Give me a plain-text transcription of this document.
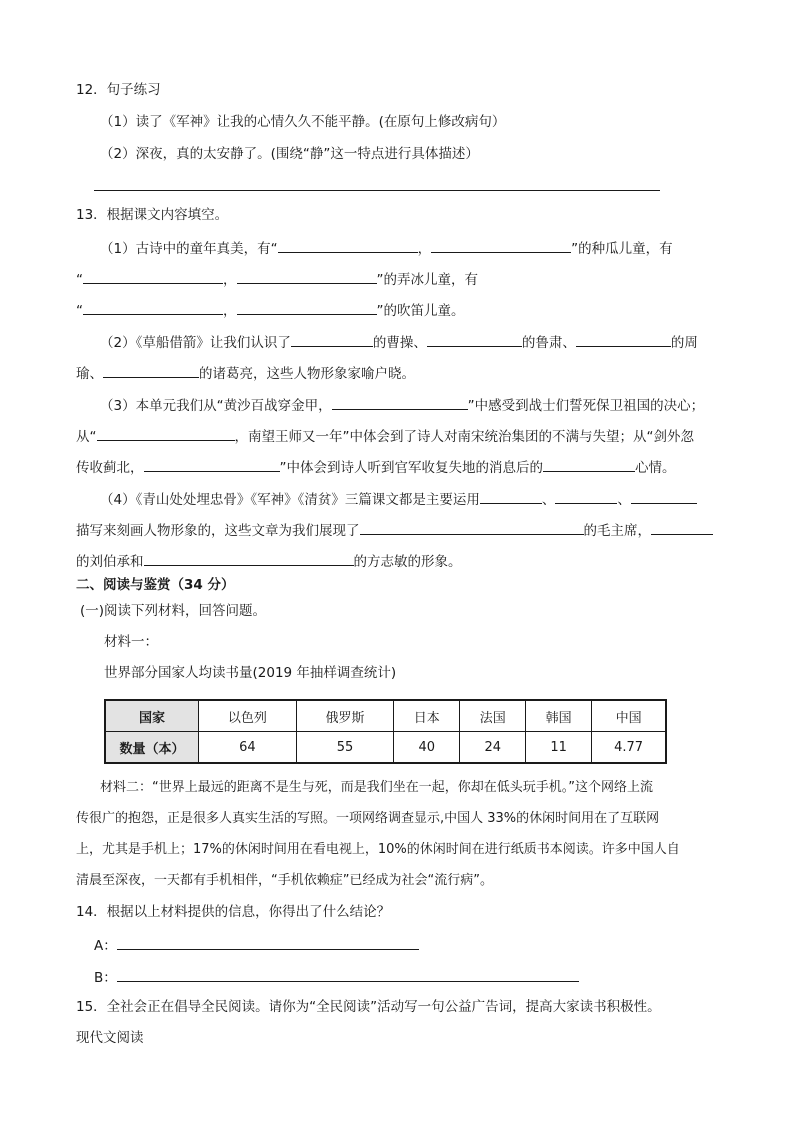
12．句子练习
（1）读了《军神》让我的心情久久不能平静。(在原句上修改病句）
（2）深夜，真的太安静了。(围绕“静”这一特点进行具体描述）
13．根据课文内容填空。
（1）古诗中的童年真美，有“	，	”的种瓜儿童，有
“	，	”的弄冰儿童，有
“	，	”的吹笛儿童。
（2）《草船借箭》让我们认识了	的曹操、	的鲁肃、	的周
瑜、	的诸葛亮，这些人物形象家喻户晓。
（3）本单元我们从“黄沙百战穿金甲，	”中感受到战士们誓死保卫祖国的决心；
从“	，南望王师又一年”中体会到了诗人对南宋统治集团的不满与失望；从“剑外忽
传收蓟北，	”中体会到诗人听到官军收复失地的消息后的	心情。
（4）《青山处处埋忠骨》《军神》《清贫》三篇课文都是主要运用	、	、
描写来刻画人物形象的，这些文章为我们展现了	的毛主席，
的刘伯承和	的方志敏的形象。
二、阅读与鉴赏（34 分）
(一)阅读下列材料，回答问题。
材料一：
世界部分国家人均读书量(2019 年抽样调查统计)
国家	以色列	俄罗斯	日本	法国	韩国	中国
数量（本）	64	55	40	24	11	4.77
材料二：“世界上最远的距离不是生与死，而是我们坐在一起，你却在低头玩手机。”这个网络上流
传很广的抱怨，正是很多人真实生活的写照。一项网络调查显示,中国人 33%的休闲时间用在了互联网
上，尤其是手机上；17%的休闲时间用在看电视上，10%的休闲时间在进行纸质书本阅读。许多中国人自
清晨至深夜，一天都有手机相伴，“手机依赖症”已经成为社会“流行病”。
14．根据以上材料提供的信息，你得出了什么结论？
A：
B：
15．全社会正在倡导全民阅读。请你为“全民阅读”活动写一句公益广告词，提高大家读书积极性。
现代文阅读
